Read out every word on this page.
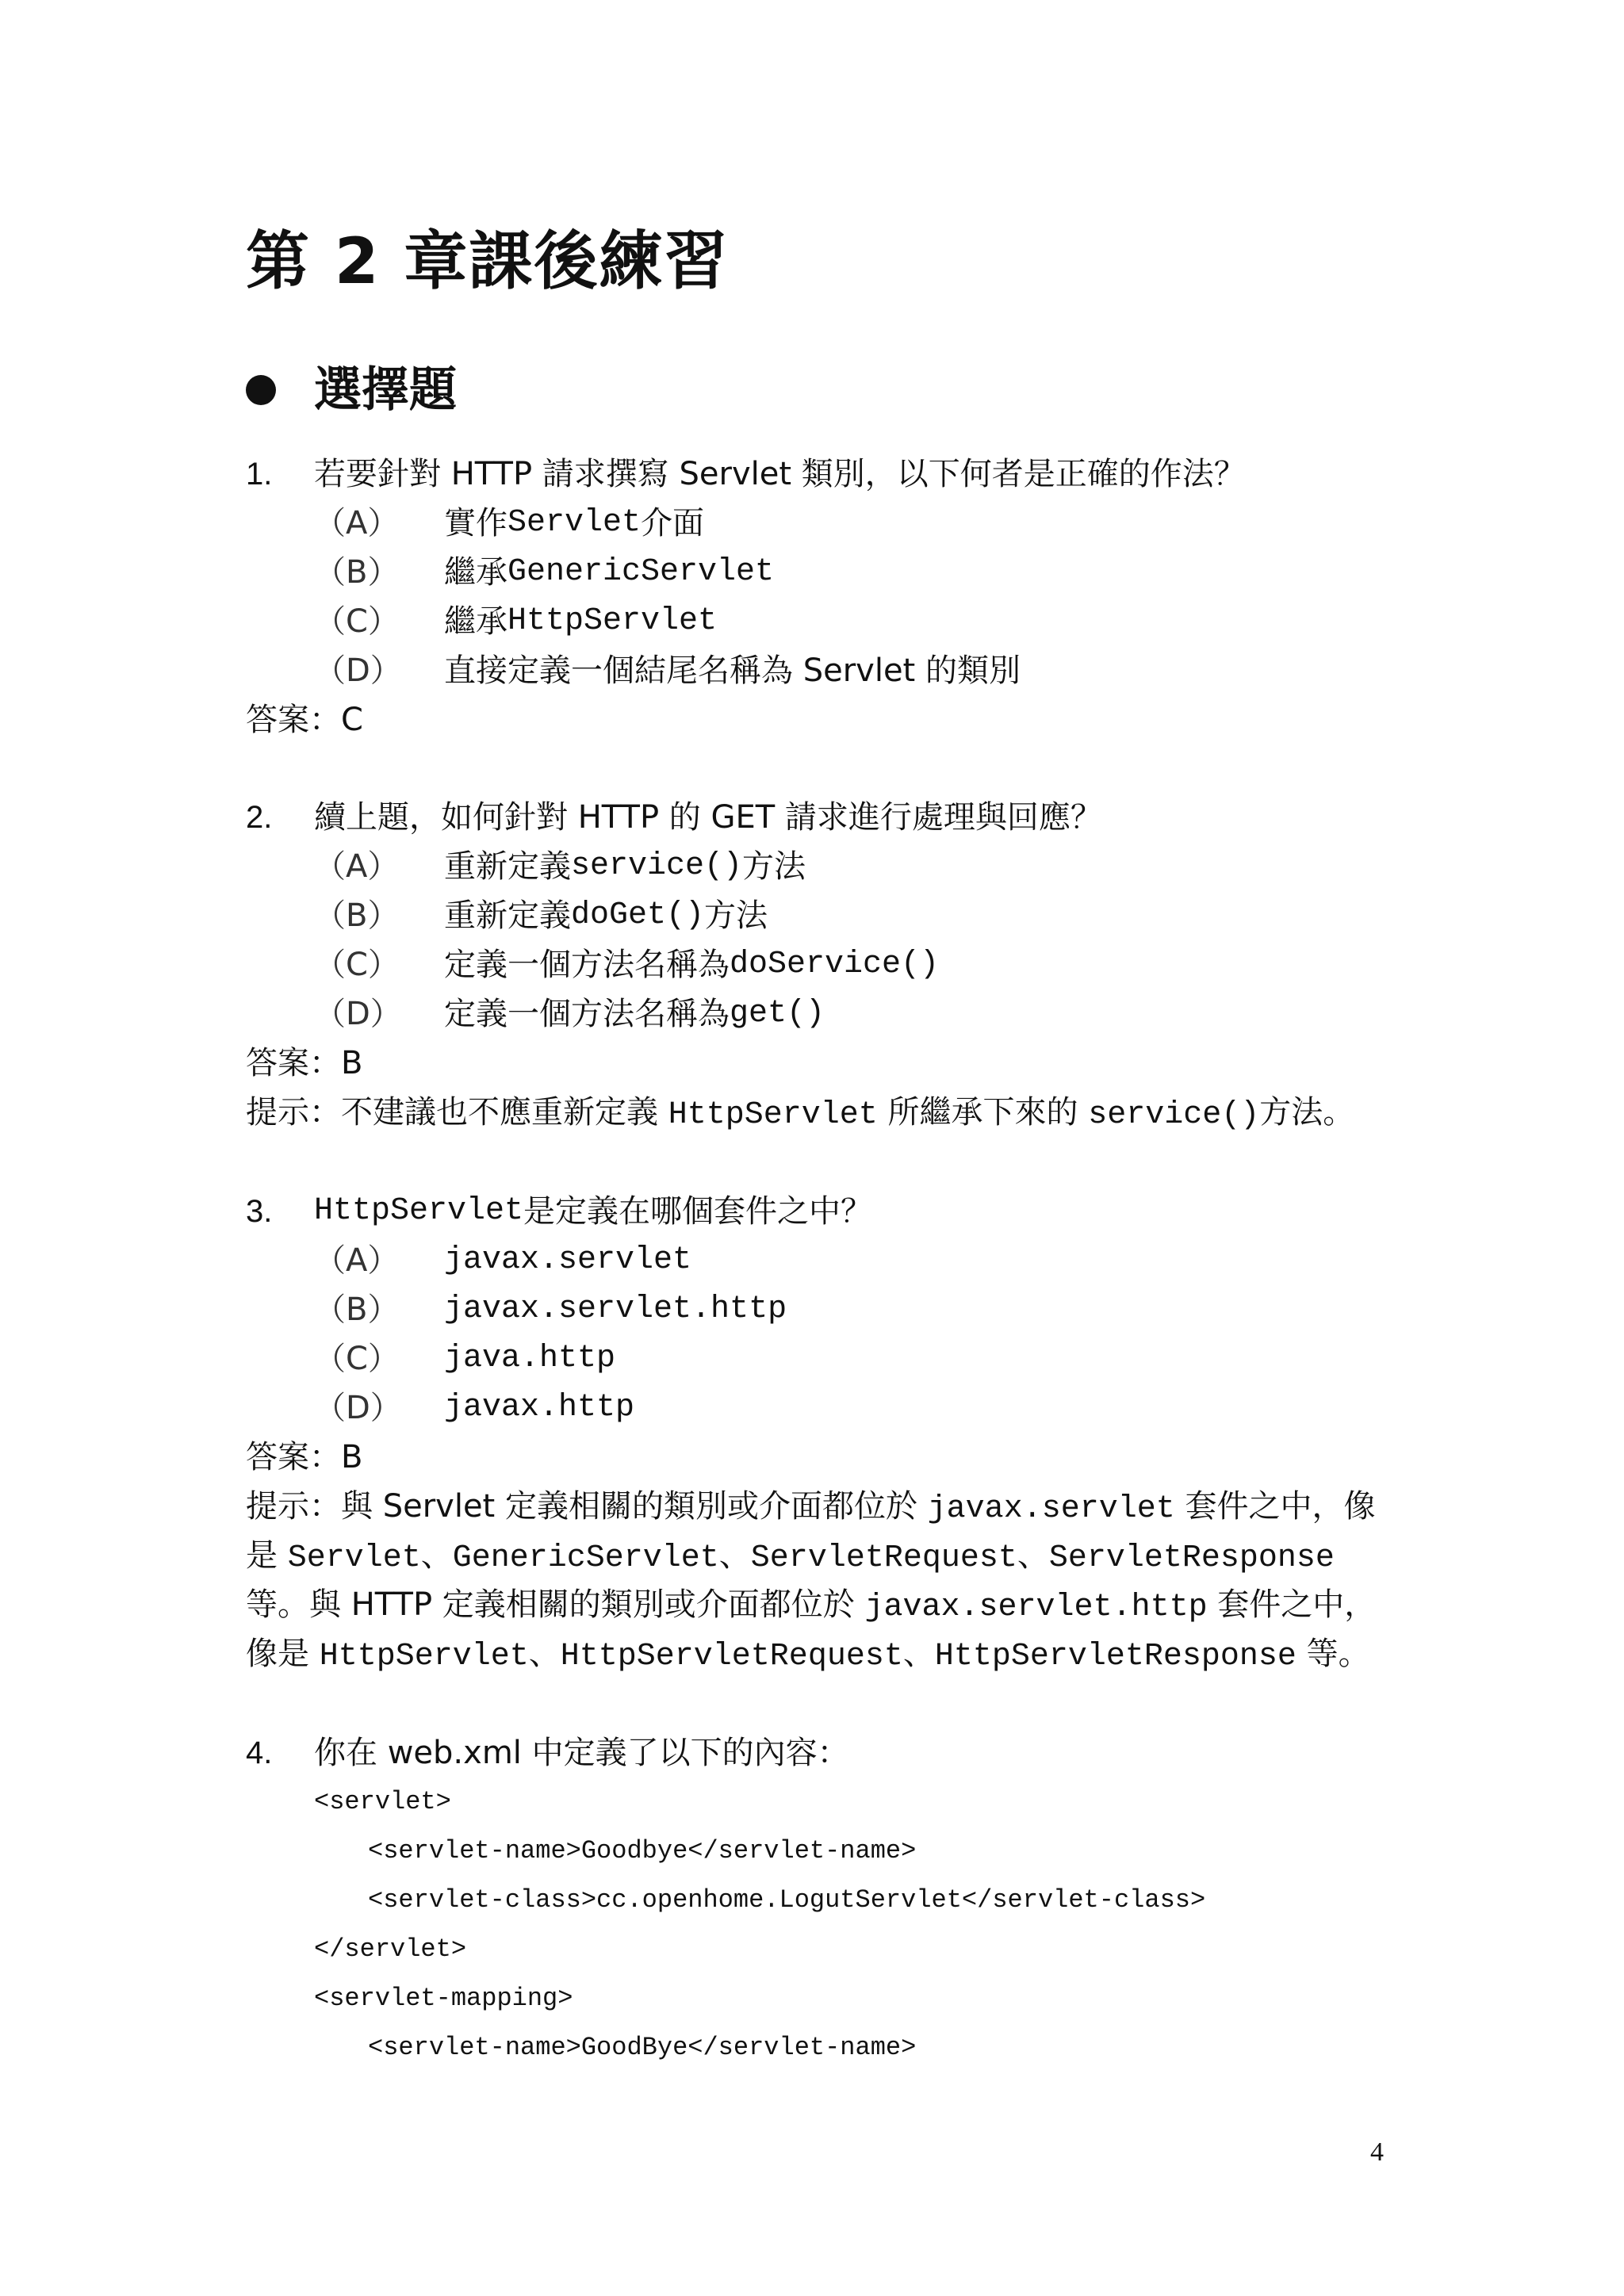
第 2 章課後練習
選擇題
1.	若要針對 HTTP 請求撰寫 Servlet 類別，以下何者是正確的作法？
（A）	實作 Servlet 介面
（B）	繼承 GenericServlet
（C）	繼承 HttpServlet
（D）	直接定義一個結尾名稱為 Servlet 的類別
答案：C
2.	續上題，如何針對 HTTP 的 GET 請求進行處理與回應？
（A）	重新定義 service() 方法
（B）	重新定義 doGet() 方法
（C）	定義一個方法名稱為 doService()
（D）	定義一個方法名稱為 get()
答案：B
提示：不建議也不應重新定義 HttpServlet 所繼承下來的 service()方法。
3.	HttpServlet 是定義在哪個套件之中？
（A）	javax.servlet
（B）	javax.servlet.http
（C）	java.http
（D）	javax.http
答案：B
提示：與 Servlet 定義相關的類別或介面都位於 javax.servlet 套件之中，像
是 Servlet、GenericServlet、ServletRequest、ServletResponse
等。與 HTTP 定義相關的類別或介面都位於 javax.servlet.http 套件之中，
像是 HttpServlet、HttpServletRequest、HttpServletResponse 等。
4.	你在 web.xml 中定義了以下的內容：
<servlet>
<servlet-name>Goodbye</servlet-name>
<servlet-class>cc.openhome.LogutServlet</servlet-class>
</servlet>
<servlet-mapping>
<servlet-name>GoodBye</servlet-name>
4
